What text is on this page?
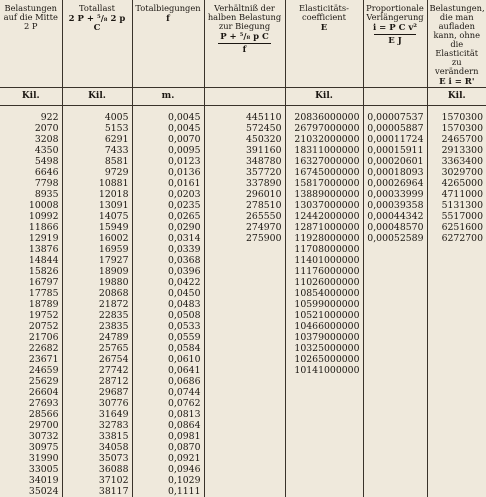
Belastungen auf die Mitte 2 P	Totallast
2 P + ⁵/₈ 2 p C	Totalbiegungen
f	Verhältniß der halben Belastung zur Biegung
P + ⁵/₈ p C
f	Elasticitäts-coefficient
E	Proportionale Verlängerung
i = P C v²
E J	Belastungen, die man aufladen kann, ohne die Elasticität zu verändern
E i = R'

Kil.	Kil.	m.		Kil.		Kil.

922	4005	0,0045	445110	20836000000	0,00007537	1570300
2070	5153	0,0045	572450	26797000000	0,00005887	1570300
3208	6291	0,0070	450320	21032000000	0,00011724	2465700
4350	7433	0,0095	391160	18311000000	0,00015911	2913300
5498	8581	0,0123	348780	16327000000	0,00020601	3363400
6646	9729	0,0136	357720	16745000000	0,00018093	3029700
7798	10881	0,0161	337890	15817000000	0,00026964	4265000
8935	12018	0,0203	296010	13889000000	0,00033999	4711000
10008	13091	0,0235	278510	13037000000	0,00039358	5131300
10992	14075	0,0265	265550	12442000000	0,00044342	5517000
11866	15949	0,0290	274970	12871000000	0,00048570	6251600
12919	16002	0,0314	275900	11928000000	0,00052589	6272700
13876	16959	0,0339		11708000000		
14844	17927	0,0368		11401000000		
15826	18909	0,0396		11176000000		
16797	19880	0,0422		11026000000		
17785	20868	0,0450		10854000000		
18789	21872	0,0483		10599000000		
19752	22835	0,0508		10521000000		
20752	23835	0,0533		10466000000		
21706	24789	0,0559		10379000000		
22682	25765	0,0584		10325000000		
23671	26754	0,0610		10265000000		
24659	27742	0,0641		10141000000		
25629	28712	0,0686				
26604	29687	0,0744				
27693	30776	0,0762				
28566	31649	0,0813				
29700	32783	0,0864				
30732	33815	0,0981				
30975	34058	0,0870				
31990	35073	0,0921				
33005	36088	0,0946				
34019	37102	0,1029				
35024	38117	0,1111				
